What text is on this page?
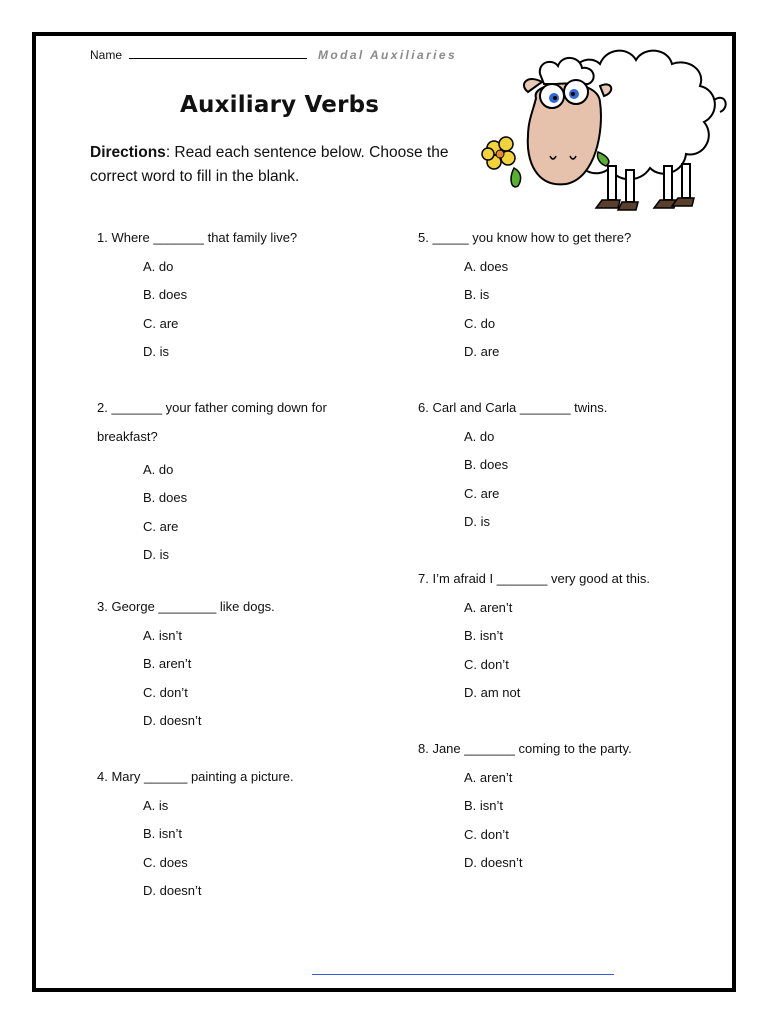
Name	Modal Auxiliaries
Auxiliary Verbs
Directions: Read each sentence below. Choose the correct word to fill in the blank.
1. Where _______ that family live?
A. do
B. does
C. are
D. is
2. _______ your father coming down for breakfast?
A. do
B. does
C. are
D. is
3. George ________ like dogs.
A. isn’t
B. aren’t
C. don’t
D. doesn’t
4. Mary ______ painting a picture.
A. is
B. isn’t
C. does
D. doesn’t
5. _____ you know how to get there?
A. does
B. is
C. do
D. are
6. Carl and Carla _______ twins.
A. do
B. does
C. are
D. is
7. I’m afraid I _______ very good at this.
A. aren’t
B. isn’t
C. don’t
D. am not
8. Jane _______ coming to the party.
A. aren’t
B. isn’t
C. don’t
D. doesn’t
